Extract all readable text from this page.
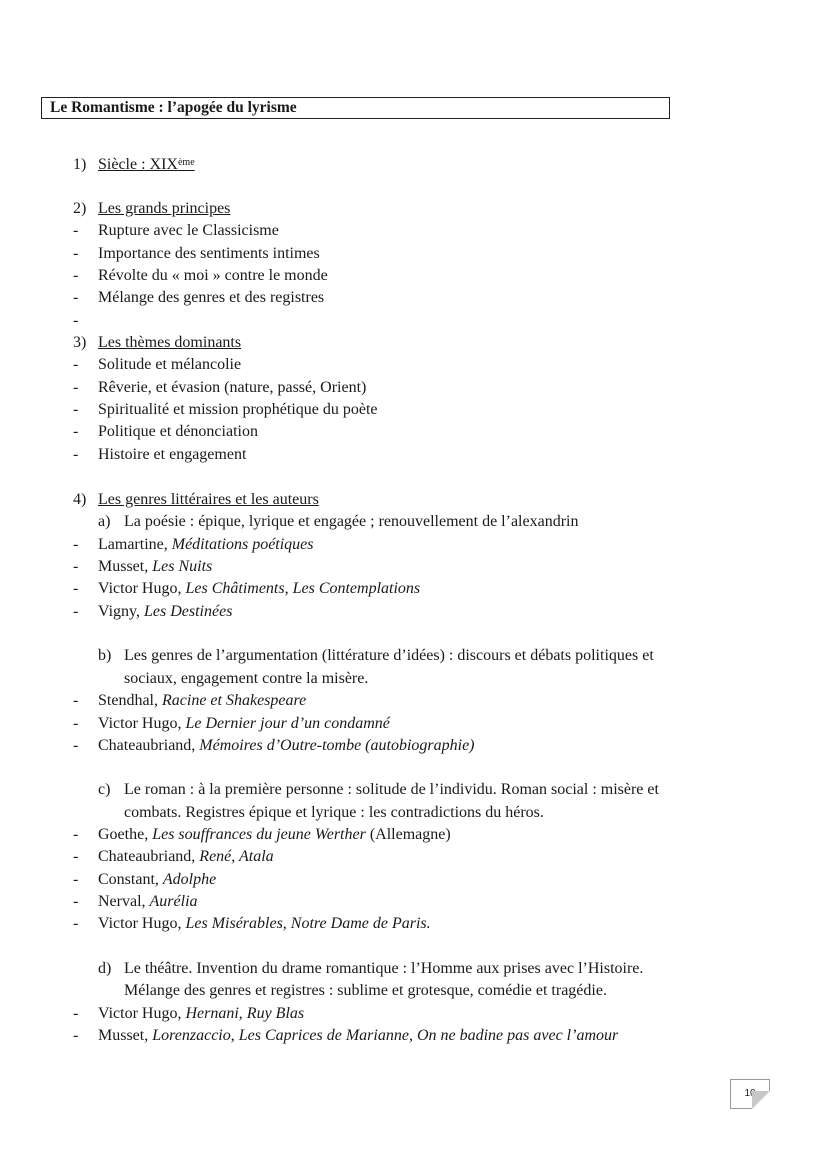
Le Romantisme : l’apogée du lyrisme
1) Siècle : XIXème
2) Les grands principes
- Rupture avec le Classicisme
- Importance des sentiments intimes
- Révolte du « moi » contre le monde
- Mélange des genres et des registres
-
3) Les thèmes dominants
- Solitude et mélancolie
- Rêverie, et évasion (nature, passé, Orient)
- Spiritualité et mission prophétique du poète
- Politique et dénonciation
- Histoire et engagement
4) Les genres littéraires et les auteurs
a) La poésie : épique, lyrique et engagée ; renouvellement de l’alexandrin
- Lamartine, Méditations poétiques
- Musset, Les Nuits
- Victor Hugo, Les Châtiments, Les Contemplations
- Vigny, Les Destinées
b) Les genres de l’argumentation (littérature d’idées) : discours et débats politiques et
sociaux, engagement contre la misère.
- Stendhal, Racine et Shakespeare
- Victor Hugo, Le Dernier jour d’un condamné
- Chateaubriand, Mémoires d’Outre-tombe (autobiographie)
c) Le roman : à la première personne : solitude de l’individu. Roman social : misère et
combats. Registres épique et lyrique : les contradictions du héros.
- Goethe, Les souffrances du jeune Werther (Allemagne)
- Chateaubriand, René, Atala
- Constant, Adolphe
- Nerval, Aurélia
- Victor Hugo, Les Misérables, Notre Dame de Paris.
d) Le théâtre. Invention du drame romantique : l’Homme aux prises avec l’Histoire.
Mélange des genres et registres : sublime et grotesque, comédie et tragédie.
- Victor Hugo, Hernani, Ruy Blas
- Musset, Lorenzaccio, Les Caprices de Marianne, On ne badine pas avec l’amour
10
